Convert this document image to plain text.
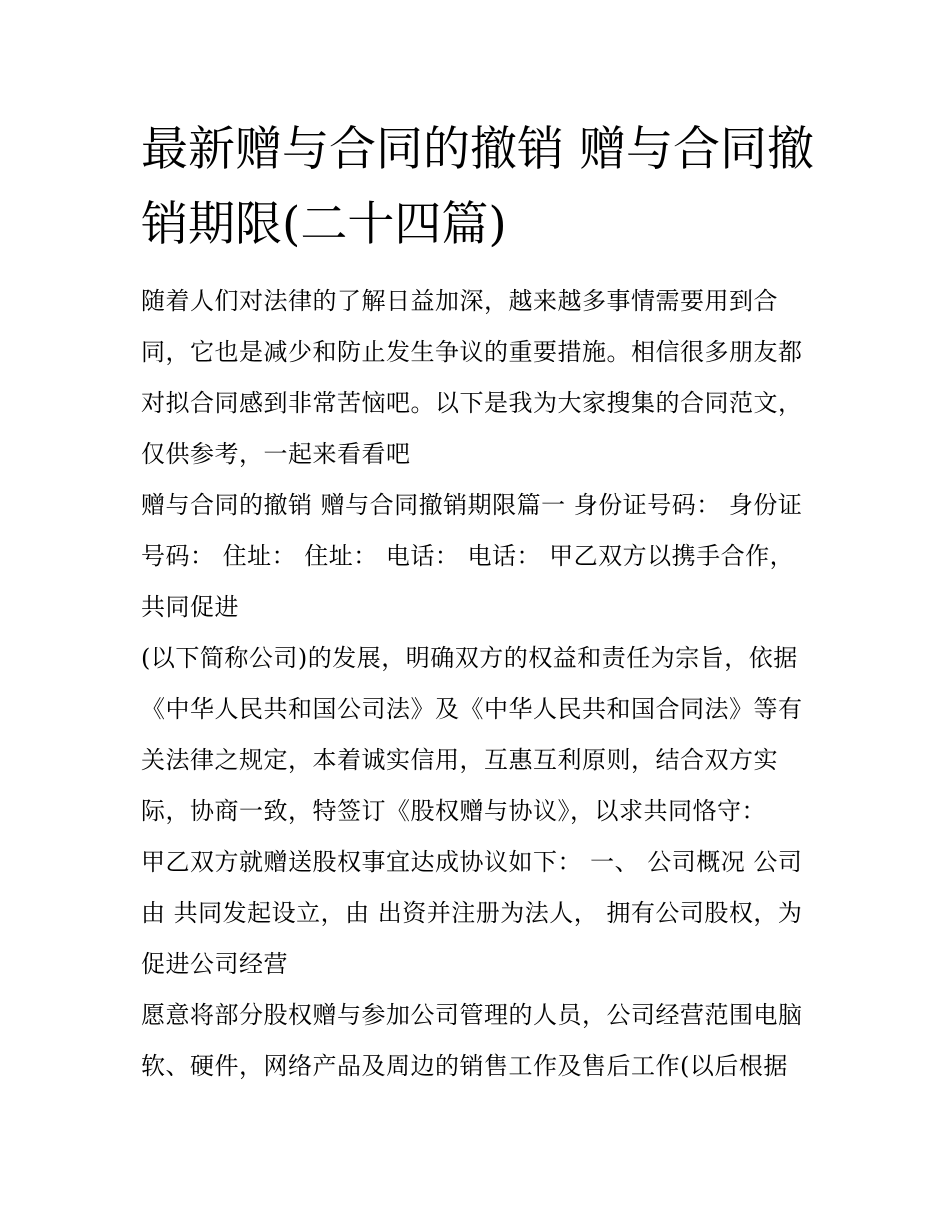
最新赠与合同的撤销 赠与合同撤销期限(二十四篇)

随着人们对法律的了解日益加深，越来越多事情需要用到合同，它也是减少和防止发生争议的重要措施。相信很多朋友都对拟合同感到非常苦恼吧。以下是我为大家搜集的合同范文，仅供参考，一起来看看吧

赠与合同的撤销 赠与合同撤销期限篇一 身份证号码： 身份证号码： 住址： 住址： 电话： 电话： 甲乙双方以携手合作，共同促进

(以下简称公司)的发展，明确双方的权益和责任为宗旨，依据《中华人民共和国公司法》及《中华人民共和国合同法》等有关法律之规定，本着诚实信用，互惠互利原则，结合双方实际，协商一致，特签订《股权赠与协议》，以求共同恪守：

甲乙双方就赠送股权事宜达成协议如下： 一、 公司概况 公司由 共同发起设立，由 出资并注册为法人， 拥有公司股权，为促进公司经营

愿意将部分股权赠与参加公司管理的人员，公司经营范围电脑软、硬件，网络产品及周边的销售工作及售后工作(以后根据
